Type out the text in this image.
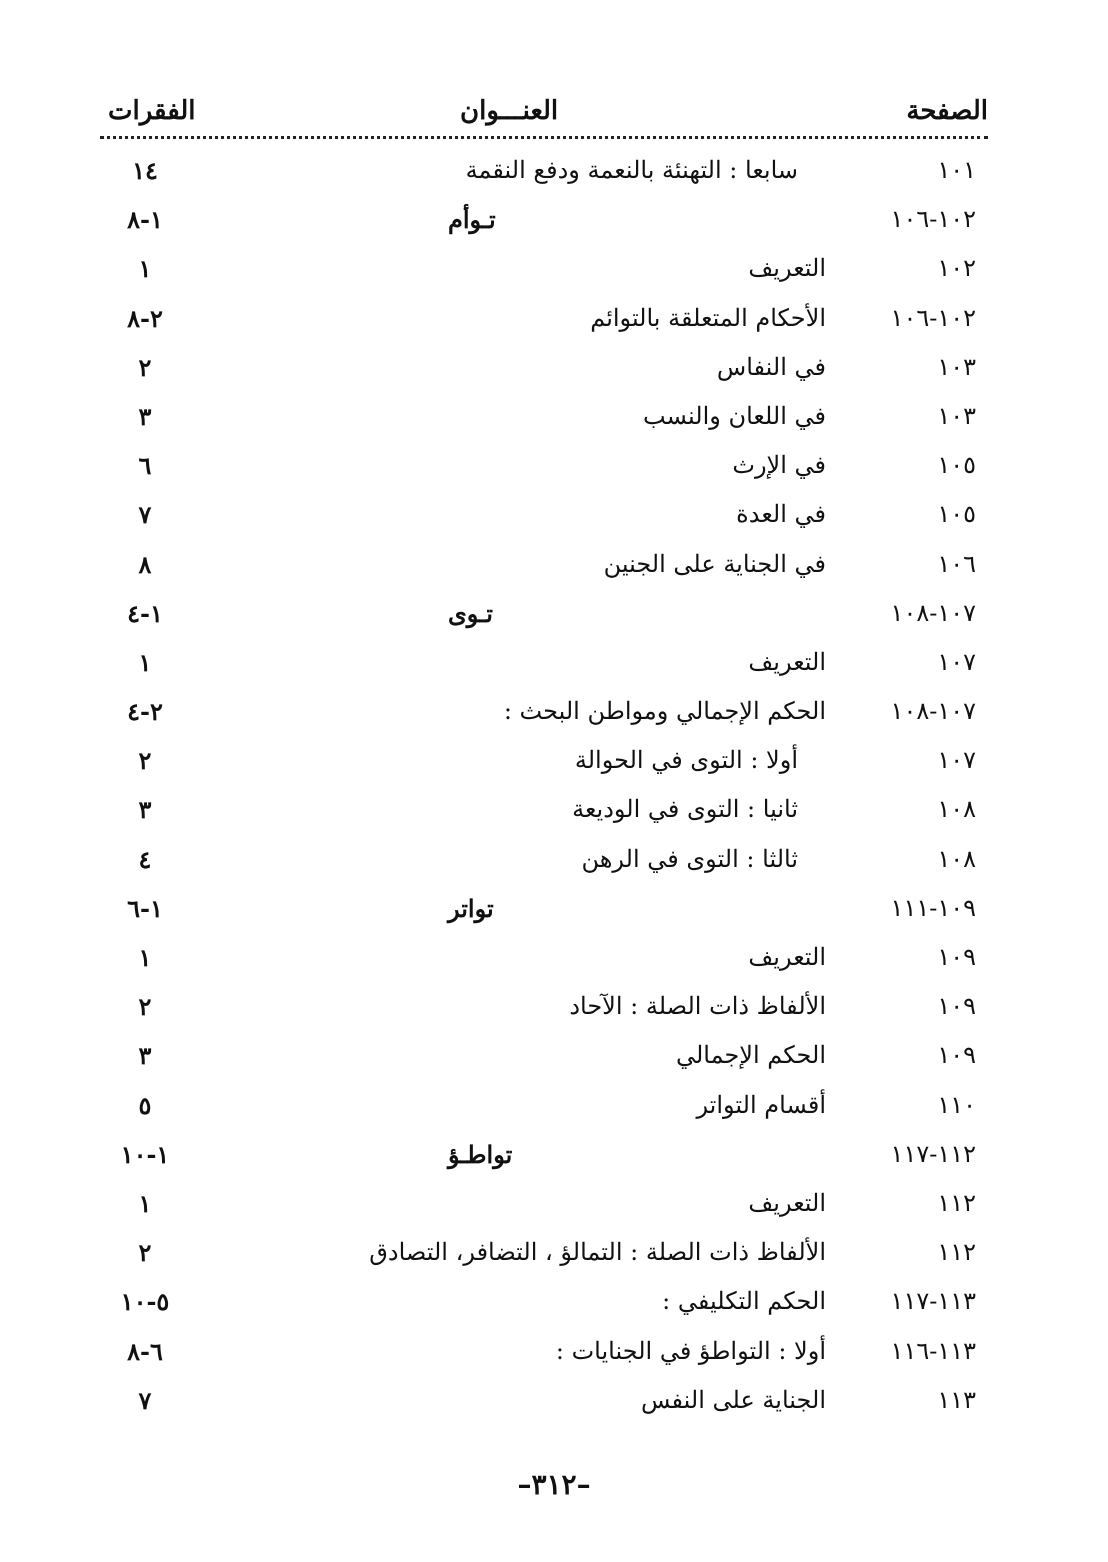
الصفحة
العنـــوان
الفقرات
١٠١
سابعا : التهنئة بالنعمة ودفع النقمة
١٤
١٠٢-١٠٦
تـوأم
١-٨
١٠٢
التعريف
١
١٠٢-١٠٦
الأحكام المتعلقة بالتوائم
٢-٨
١٠٣
في النفاس
٢
١٠٣
في اللعان والنسب
٣
١٠٥
في الإرث
٦
١٠٥
في العدة
٧
١٠٦
في الجناية على الجنين
٨
١٠٧-١٠٨
تـوى
١-٤
١٠٧
التعريف
١
١٠٧-١٠٨
الحكم الإجمالي ومواطن البحث :
٢-٤
١٠٧
أولا : التوى في الحوالة
٢
١٠٨
ثانيا : التوى في الوديعة
٣
١٠٨
ثالثا : التوى في الرهن
٤
١٠٩-١١١
تواتر
١-٦
١٠٩
التعريف
١
١٠٩
الألفاظ ذات الصلة : الآحاد
٢
١٠٩
الحكم الإجمالي
٣
١١٠
أقسام التواتر
٥
١١٢-١١٧
تواطـؤ
١-١٠
١١٢
التعريف
١
١١٢
الألفاظ ذات الصلة : التمالؤ ، التضافر، التصادق
٢
١١٣-١١٧
الحكم التكليفي :
٥-١٠
١١٣-١١٦
أولا : التواطؤ في الجنايات :
٦-٨
١١٣
الجناية على النفس
٧
–٣١٢–
